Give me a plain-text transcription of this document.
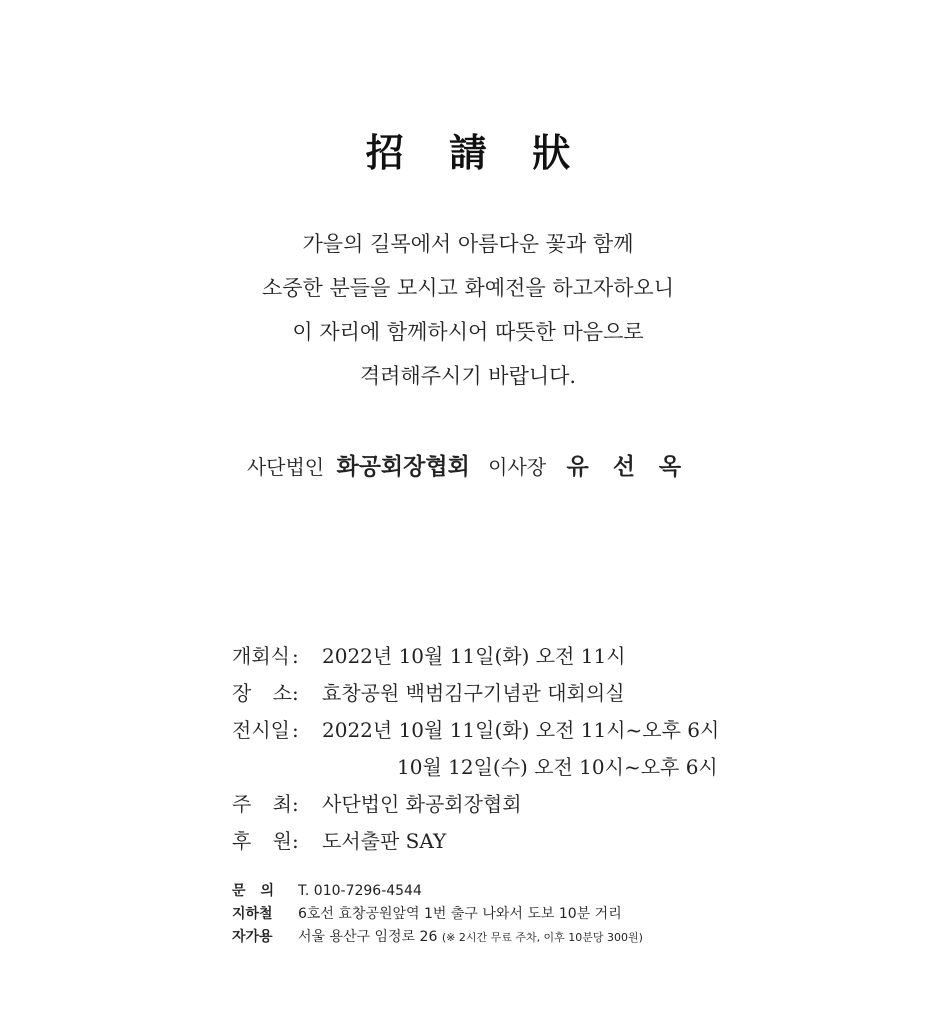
招 請 狀
가을의 길목에서 아름다운 꽃과 함께
소중한 분들을 모시고 화예전을 하고자하오니
이 자리에 함께하시어 따뜻한 마음으로
격려해주시기 바랍니다.
사단법인 화공회장협회 이사장 유 선 옥
개회식 :	2022년 10월 11일(화) 오전 11시
장 소 :	효창공원 백범김구기념관 대회의실
전시일 :	2022년 10월 11일(화) 오전 11시~오후 6시
10월 12일(수) 오전 10시~오후 6시
주 최 :	사단법인 화공회장협회
후 원 :	도서출판 SAY
문 의 T. 010-7296-4544
지하철	6호선 효창공원앞역 1번 출구 나와서 도보 10분 거리
자가용	서울 용산구 임정로 26 (※ 2시간 무료 주차, 이후 10분당 300원)
